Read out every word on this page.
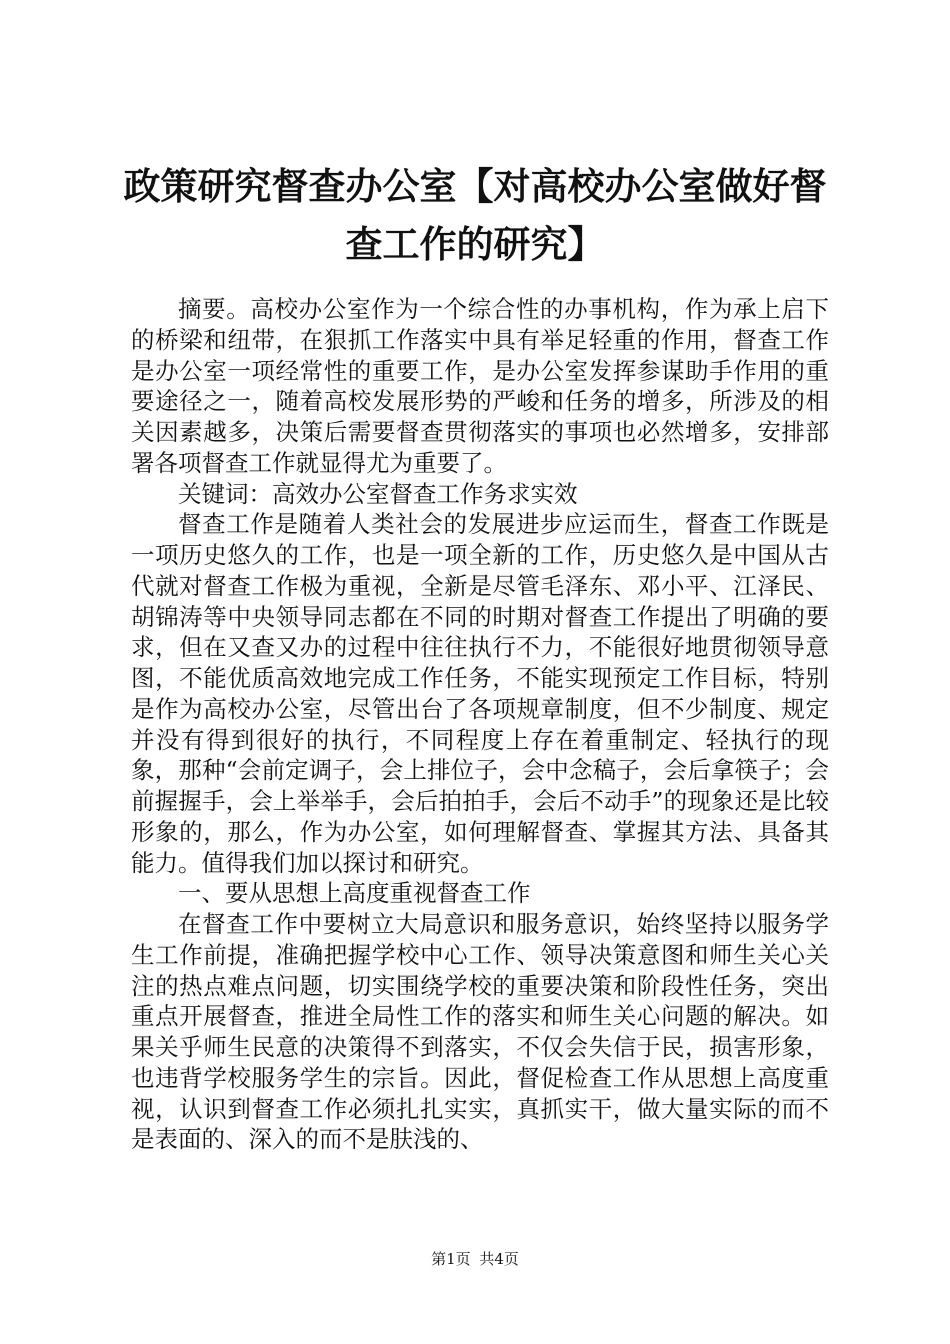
政策研究督查办公室【对高校办公室做好督查工作的研究】

摘要。高校办公室作为一个综合性的办事机构，作为承上启下的桥梁和纽带，在狠抓工作落实中具有举足轻重的作用，督查工作是办公室一项经常性的重要工作，是办公室发挥参谋助手作用的重要途径之一，随着高校发展形势的严峻和任务的增多，所涉及的相关因素越多，决策后需要督查贯彻落实的事项也必然增多，安排部署各项督查工作就显得尤为重要了。

关键词：高效办公室督查工作务求实效

督查工作是随着人类社会的发展进步应运而生，督查工作既是一项历史悠久的工作，也是一项全新的工作，历史悠久是中国从古代就对督查工作极为重视，全新是尽管毛泽东、邓小平、江泽民、胡锦涛等中央领导同志都在不同的时期对督查工作提出了明确的要求，但在又查又办的过程中往往执行不力，不能很好地贯彻领导意图，不能优质高效地完成工作任务，不能实现预定工作目标，特别是作为高校办公室，尽管出台了各项规章制度，但不少制度、规定并没有得到很好的执行，不同程度上存在着重制定、轻执行的现象，那种“会前定调子，会上排位子，会中念稿子，会后拿筷子；会前握握手，会上举举手，会后拍拍手，会后不动手”的现象还是比较形象的，那么，作为办公室，如何理解督查、掌握其方法、具备其能力。值得我们加以探讨和研究。

一、要从思想上高度重视督查工作

在督查工作中要树立大局意识和服务意识，始终坚持以服务学生工作前提，准确把握学校中心工作、领导决策意图和师生关心关注的热点难点问题，切实围绕学校的重要决策和阶段性任务，突出重点开展督查，推进全局性工作的落实和师生关心问题的解决。如果关乎师生民意的决策得不到落实，不仅会失信于民，损害形象，也违背学校服务学生的宗旨。因此，督促检查工作从思想上高度重视，认识到督查工作必须扎扎实实，真抓实干，做大量实际的而不是表面的、深入的而不是肤浅的、

第1页 共4页
